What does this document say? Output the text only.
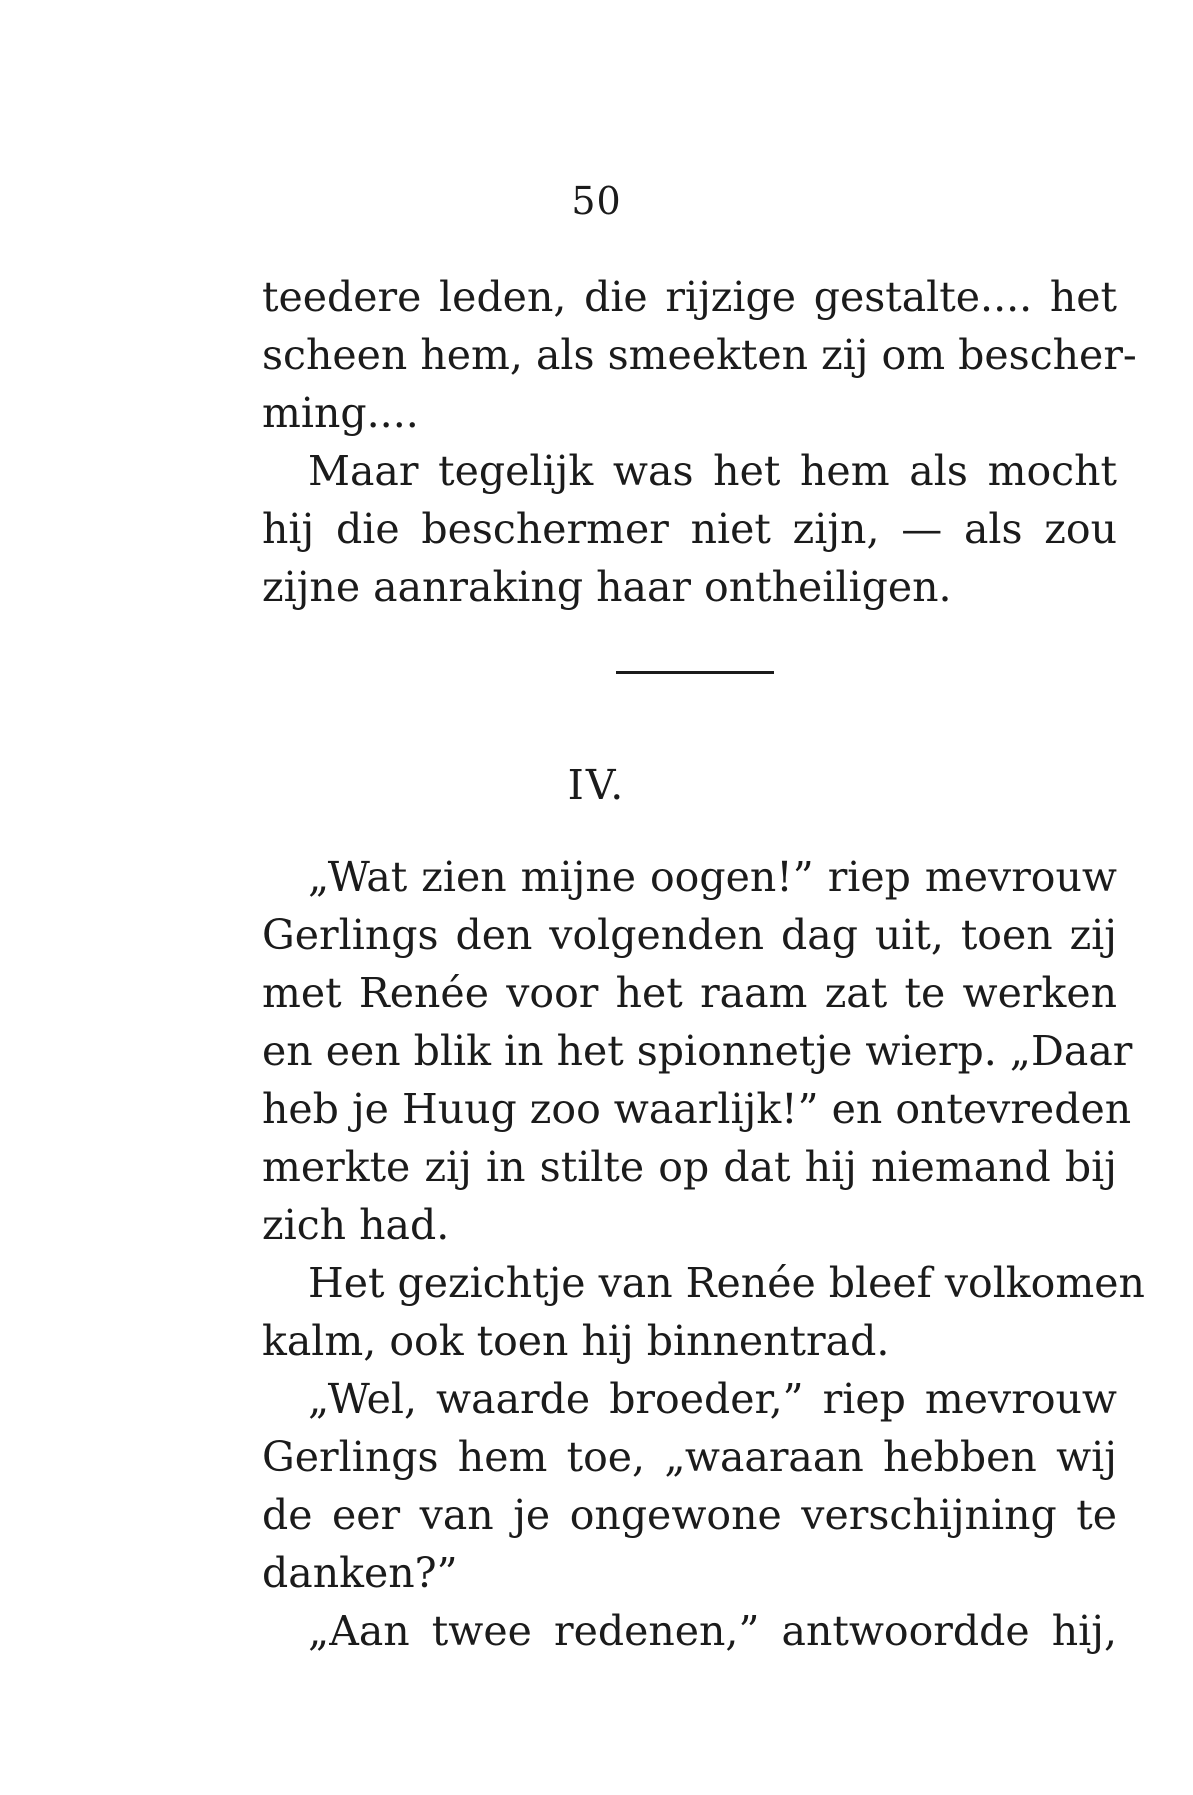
50
teedere leden, die rijzige gestalte.... het
scheen hem, als smeekten zij om bescher-
ming....
Maar tegelijk was het hem als mocht
hij die beschermer niet zijn, — als zou
zijne aanraking haar ontheiligen.
IV.
„Wat zien mijne oogen!” riep mevrouw
Gerlings den volgenden dag uit, toen zij
met Renée voor het raam zat te werken
en een blik in het spionnetje wierp. „Daar
heb je Huug zoo waarlijk!” en ontevreden
merkte zij in stilte op dat hij niemand bij
zich had.
Het gezichtje van Renée bleef volkomen
kalm, ook toen hij binnentrad.
„Wel, waarde broeder,” riep mevrouw
Gerlings hem toe, „waaraan hebben wij
de eer van je ongewone verschijning te
danken?”
„Aan twee redenen,” antwoordde hij,
